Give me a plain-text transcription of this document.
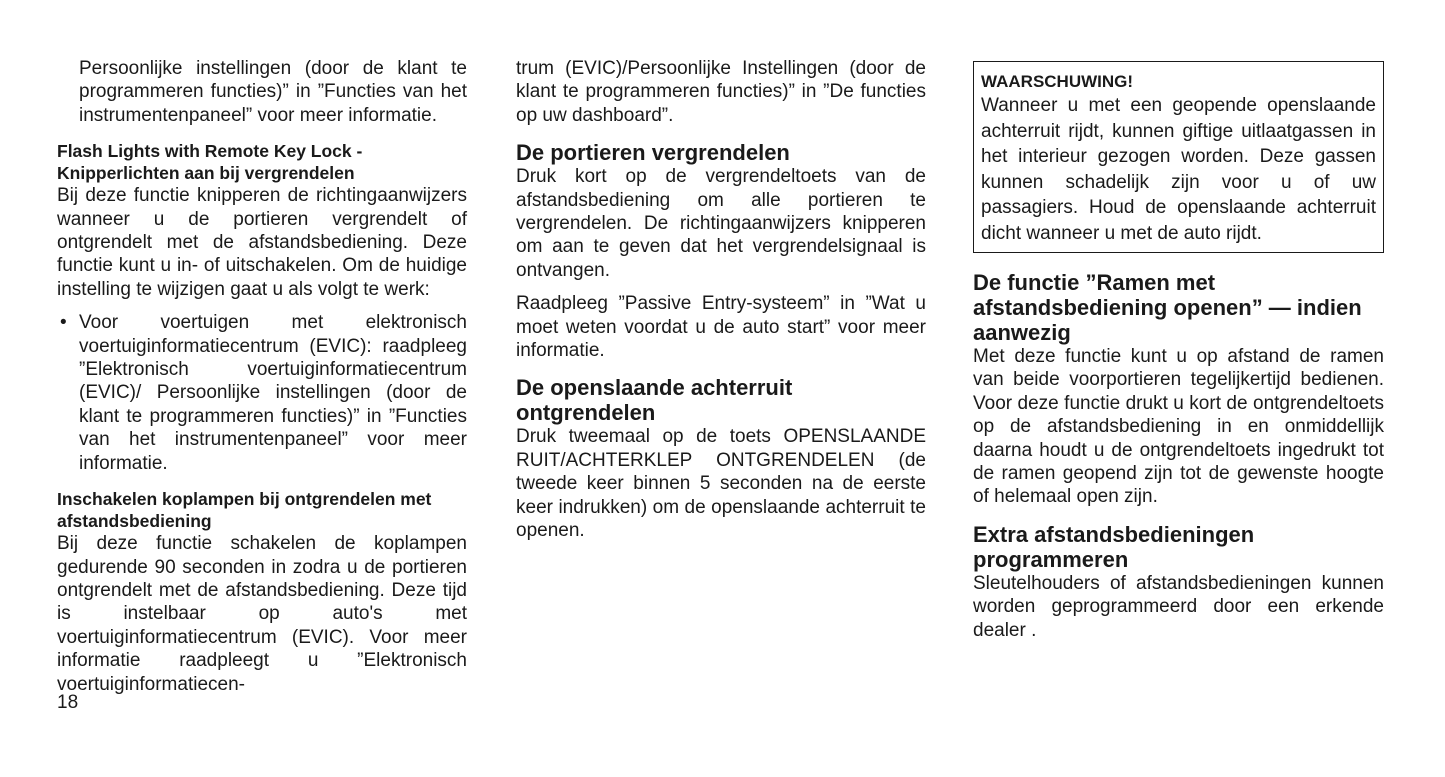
Persoonlijke instellingen (door de klant te programmeren functies)” in ”Functies van het instrumentenpaneel” voor meer informatie.

Flash Lights with Remote Key Lock - Knipperlichten aan bij vergrendelen

Bij deze functie knipperen de richtingaanwijzers wanneer u de portieren vergrendelt of ontgrendelt met de afstandsbediening. Deze functie kunt u in- of uitschakelen. Om de huidige instelling te wijzigen gaat u als volgt te werk:

• Voor voertuigen met elektronisch voertuiginformatiecentrum (EVIC): raadpleeg ”Elektronisch voertuiginformatiecentrum (EVIC)/ Persoonlijke instellingen (door de klant te programmeren functies)” in ”Functies van het instrumentenpaneel” voor meer informatie.

Inschakelen koplampen bij ontgrendelen met afstandsbediening

Bij deze functie schakelen de koplampen gedurende 90 seconden in zodra u de portieren ontgrendelt met de afstandsbediening. Deze tijd is instelbaar op auto's met voertuiginformatiecentrum (EVIC). Voor meer informatie raadpleegt u ”Elektronisch voertuiginformatiecen-

trum (EVIC)/Persoonlijke Instellingen (door de klant te programmeren functies)” in ”De functies op uw dashboard”.

De portieren vergrendelen

Druk kort op de vergrendeltoets van de afstandsbediening om alle portieren te vergrendelen. De richtingaanwijzers knipperen om aan te geven dat het vergrendelsignaal is ontvangen.

Raadpleeg ”Passive Entry-systeem” in ”Wat u moet weten voordat u de auto start” voor meer informatie.

De openslaande achterruit ontgrendelen

Druk tweemaal op de toets OPENSLAANDE RUIT/ACHTERKLEP ONTGRENDELEN (de tweede keer binnen 5 seconden na de eerste keer indrukken) om de openslaande achterruit te openen.

WAARSCHUWING!

Wanneer u met een geopende openslaande achterruit rijdt, kunnen giftige uitlaatgassen in het interieur gezogen worden. Deze gassen kunnen schadelijk zijn voor u of uw passagiers. Houd de openslaande achterruit dicht wanneer u met de auto rijdt.

De functie ”Ramen met afstandsbediening openen” — indien aanwezig

Met deze functie kunt u op afstand de ramen van beide voorportieren tegelijkertijd bedienen. Voor deze functie drukt u kort de ontgrendeltoets op de afstandsbediening in en onmiddellijk daarna houdt u de ontgrendeltoets ingedrukt tot de ramen geopend zijn tot de gewenste hoogte of helemaal open zijn.

Extra afstandsbedieningen programmeren

Sleutelhouders of afstandsbedieningen kunnen worden geprogrammeerd door een erkende dealer .

18
